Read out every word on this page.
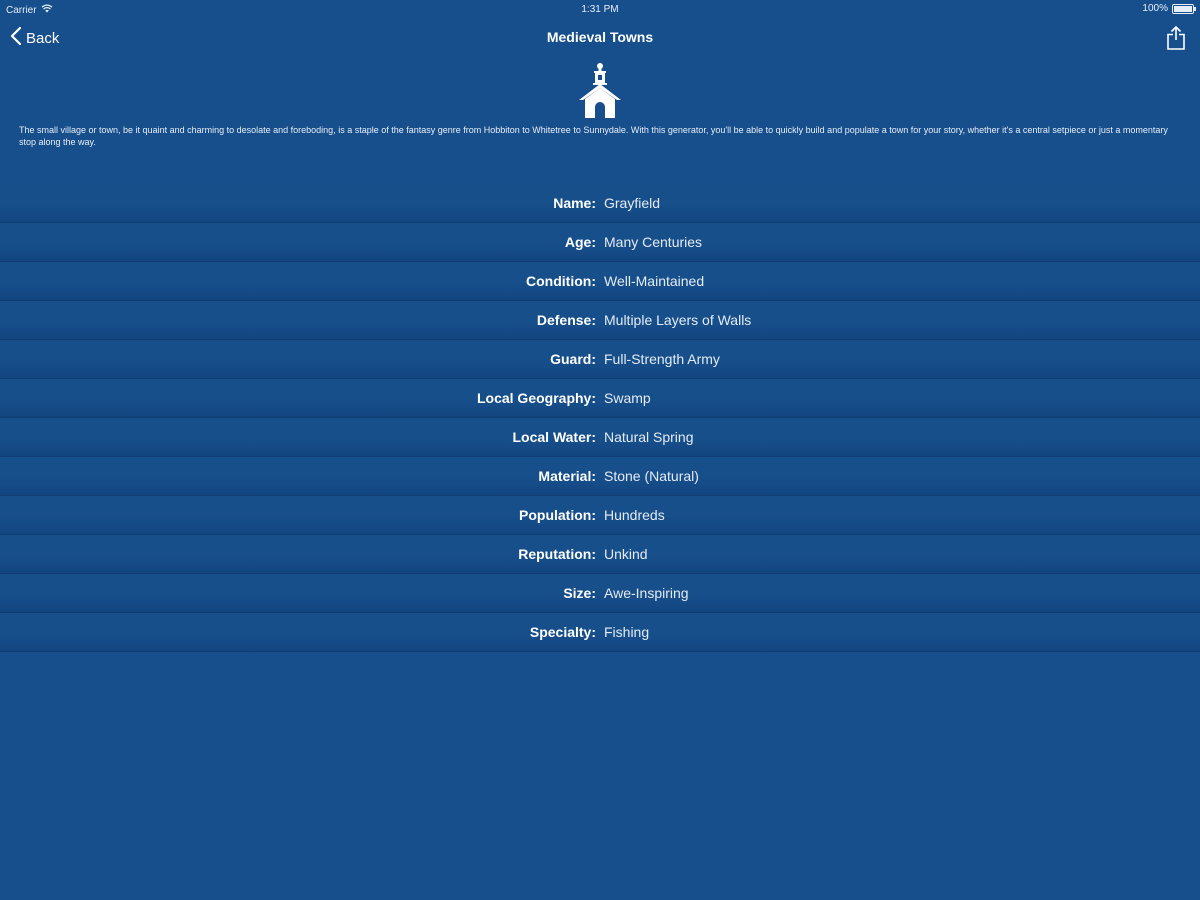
Carrier	1:31 PM	100%
Back	Medieval Towns
The small village or town, be it quaint and charming to desolate and foreboding, is a staple of the fantasy genre from Hobbiton to Whitetree to Sunnydale. With this generator, you'll be able to quickly build and populate a town for your story, whether it's a central setpiece or just a momentary stop along the way.
Name: Grayfield
Age: Many Centuries
Condition: Well-Maintained
Defense: Multiple Layers of Walls
Guard: Full-Strength Army
Local Geography: Swamp
Local Water: Natural Spring
Material: Stone (Natural)
Population: Hundreds
Reputation: Unkind
Size: Awe-Inspiring
Specialty: Fishing
